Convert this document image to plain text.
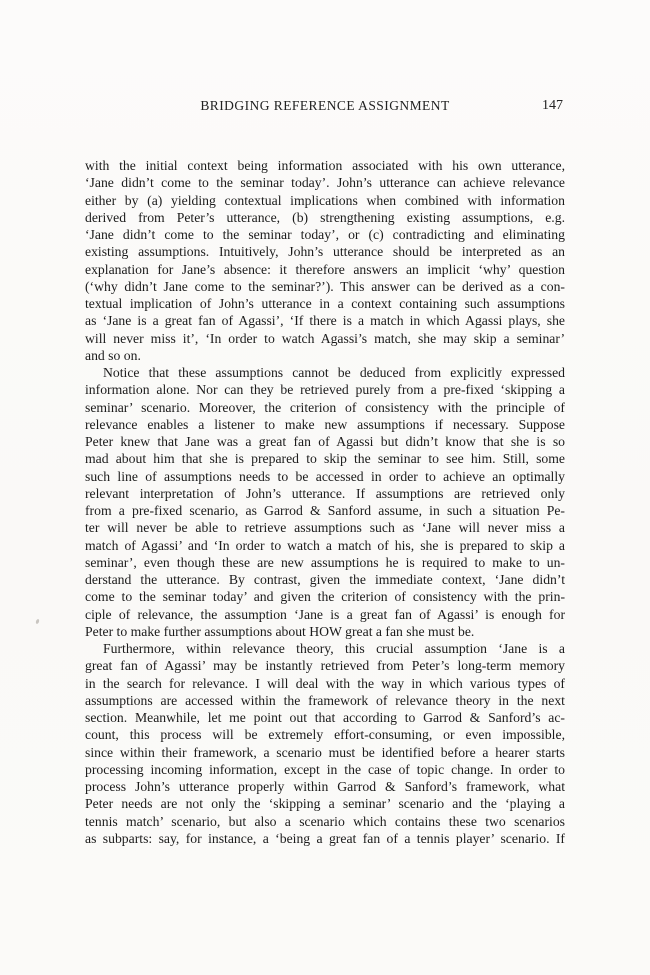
BRIDGING REFERENCE ASSIGNMENT	147
with the initial context being information associated with his own utterance,
‘Jane didn’t come to the seminar today’. John’s utterance can achieve relevance
either by (a) yielding contextual implications when combined with information
derived from Peter’s utterance, (b) strengthening existing assumptions, e.g.
‘Jane didn’t come to the seminar today’, or (c) contradicting and eliminating
existing assumptions. Intuitively, John’s utterance should be interpreted as an
explanation for Jane’s absence: it therefore answers an implicit ‘why’ question
(‘why didn’t Jane come to the seminar?’). This answer can be derived as a con-
textual implication of John’s utterance in a context containing such assumptions
as ‘Jane is a great fan of Agassi’, ‘If there is a match in which Agassi plays, she
will never miss it’, ‘In order to watch Agassi’s match, she may skip a seminar’
and so on.
Notice that these assumptions cannot be deduced from explicitly expressed
information alone. Nor can they be retrieved purely from a pre-fixed ‘skipping a
seminar’ scenario. Moreover, the criterion of consistency with the principle of
relevance enables a listener to make new assumptions if necessary. Suppose
Peter knew that Jane was a great fan of Agassi but didn’t know that she is so
mad about him that she is prepared to skip the seminar to see him. Still, some
such line of assumptions needs to be accessed in order to achieve an optimally
relevant interpretation of John’s utterance. If assumptions are retrieved only
from a pre-fixed scenario, as Garrod & Sanford assume, in such a situation Pe-
ter will never be able to retrieve assumptions such as ‘Jane will never miss a
match of Agassi’ and ‘In order to watch a match of his, she is prepared to skip a
seminar’, even though these are new assumptions he is required to make to un-
derstand the utterance. By contrast, given the immediate context, ‘Jane didn’t
come to the seminar today’ and given the criterion of consistency with the prin-
ciple of relevance, the assumption ‘Jane is a great fan of Agassi’ is enough for
Peter to make further assumptions about HOW great a fan she must be.
Furthermore, within relevance theory, this crucial assumption ‘Jane is a
great fan of Agassi’ may be instantly retrieved from Peter’s long-term memory
in the search for relevance. I will deal with the way in which various types of
assumptions are accessed within the framework of relevance theory in the next
section. Meanwhile, let me point out that according to Garrod & Sanford’s ac-
count, this process will be extremely effort-consuming, or even impossible,
since within their framework, a scenario must be identified before a hearer starts
processing incoming information, except in the case of topic change. In order to
process John’s utterance properly within Garrod & Sanford’s framework, what
Peter needs are not only the ‘skipping a seminar’ scenario and the ‘playing a
tennis match’ scenario, but also a scenario which contains these two scenarios
as subparts: say, for instance, a ‘being a great fan of a tennis player’ scenario. If
